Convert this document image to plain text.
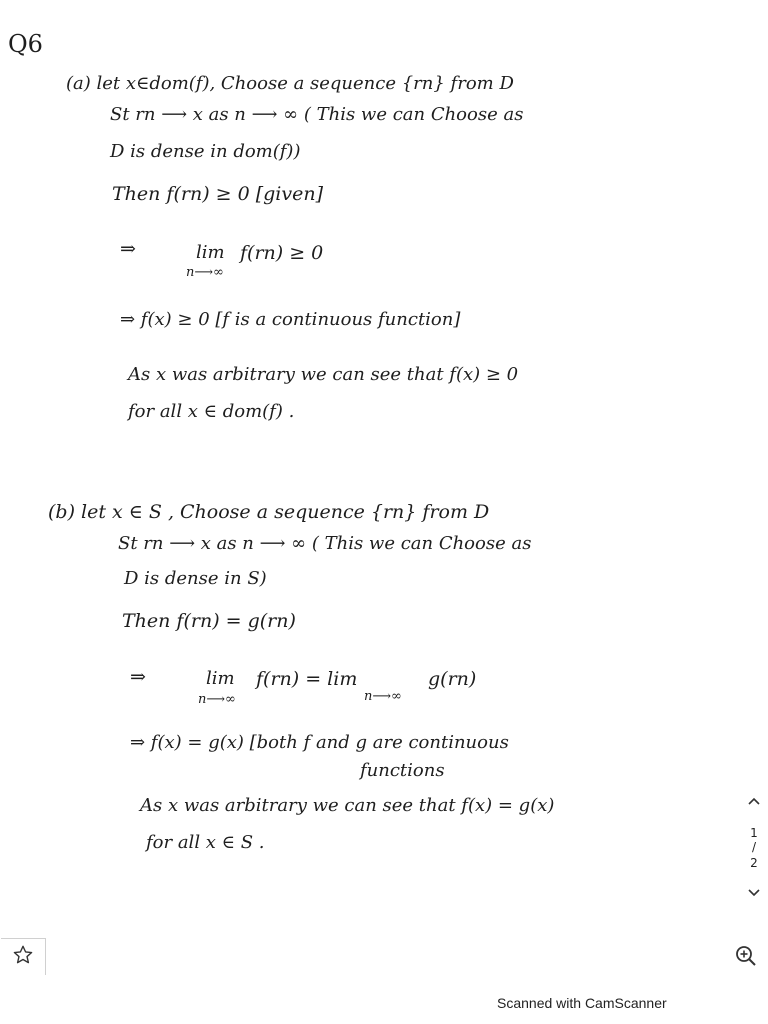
Q6
(a) let x∈dom(f), Choose a sequence {rn} from D
St rn ⟶ x as n ⟶ ∞ ( This we can Choose as
D is dense in dom(f))
Then f(rn) ≥ 0 [given]
⇒	lim
n⟶∞
f(rn) ≥ 0
⇒ f(x) ≥ 0 [f is a continuous function]
As x was arbitrary we can see that f(x) ≥ 0
for all x ∈ dom(f) .
(b) let x ∈ S , Choose a sequence {rn} from D
St rn ⟶ x as n ⟶ ∞ ( This we can Choose as
D is dense in S)
Then f(rn) = g(rn)
⇒	lim
n⟶∞
f(rn) = lim
n⟶∞
g(rn)
⇒ f(x) = g(x) [both f and g are continuous
functions
As x was arbitrary we can see that f(x) = g(x)
for all x ∈ S .	1
/
2
Scanned with CamScanner
